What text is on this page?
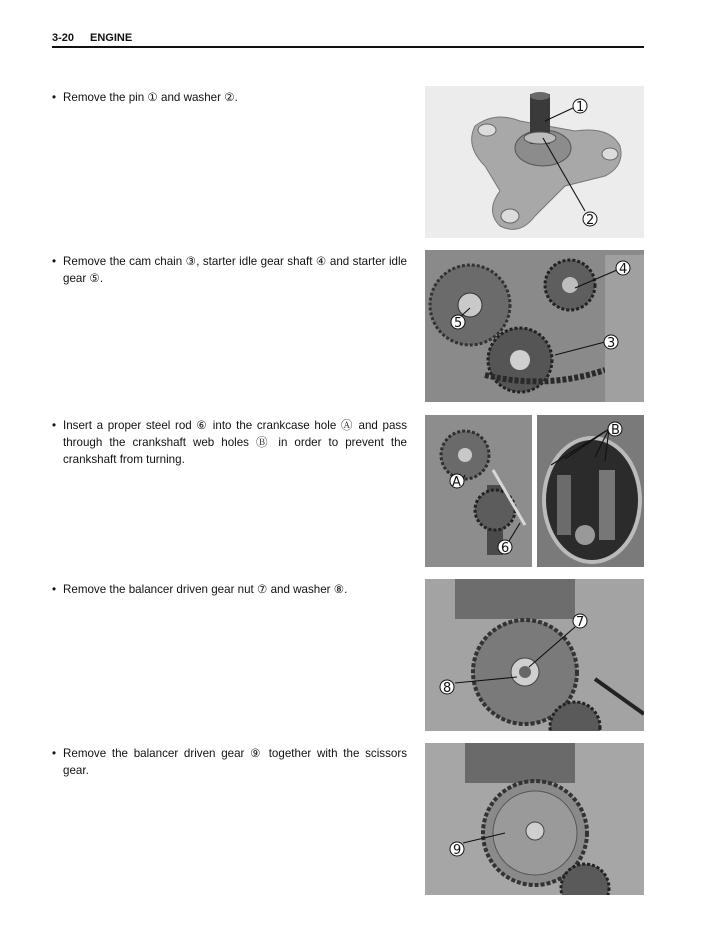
3-20 ENGINE
• Remove the pin ① and washer ②.
1
2
• Remove the cam chain ③, starter idle gear shaft ④ and starter idle gear ⑤.
4
5
3
• Insert a proper steel rod ⑥ into the crankcase hole Ⓐ and pass through the crankshaft web holes Ⓑ in order to prevent the crankshaft from turning.
A
6
B
• Remove the balancer driven gear nut ⑦ and washer ⑧.
7
8
• Remove the balancer driven gear ⑨ together with the scissors gear.
9
